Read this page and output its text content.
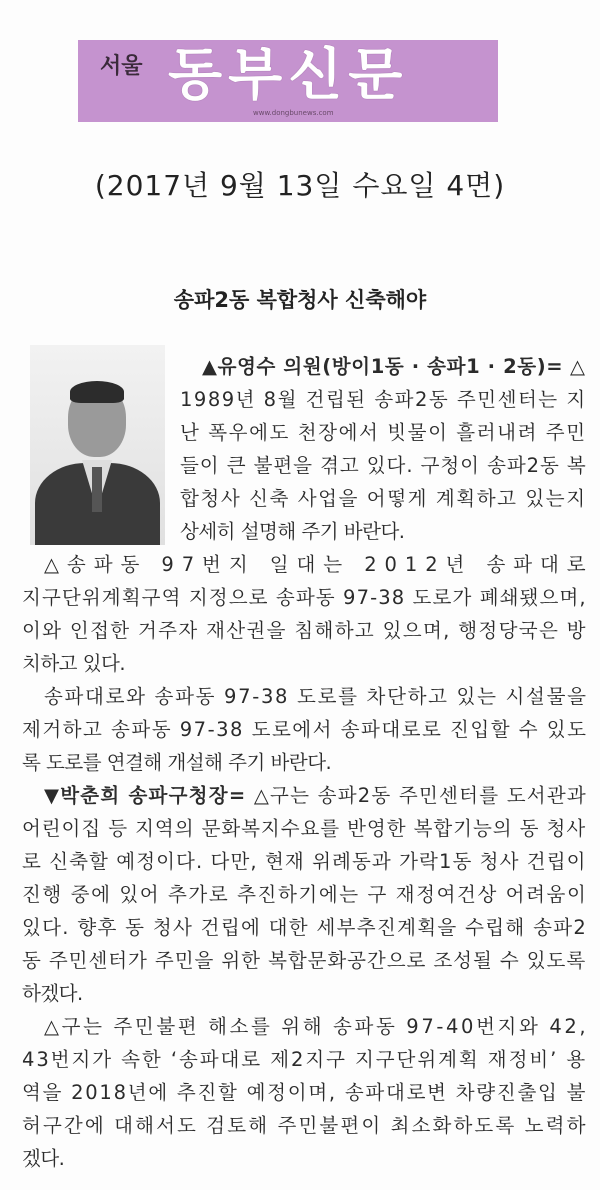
서울 동부신문
www.dongbunews.com
(2017년 9월 13일 수요일 4면)
송파2동 복합청사 신축해야
▲유영수 의원(방이1동 · 송파1 · 2동)= △
1989년 8월 건립된 송파2동 주민센터는 지
난 폭우에도 천장에서 빗물이 흘러내려 주민
들이 큰 불편을 겪고 있다. 구청이 송파2동 복
합청사 신축 사업을 어떻게 계획하고 있는지
상세히 설명해 주기 바란다.
△송파동 97번지 일대는 2012년 송파대로
지구단위계획구역 지정으로 송파동 97-38 도로가 폐쇄됐으며,
이와 인접한 거주자 재산권을 침해하고 있으며, 행정당국은 방
치하고 있다.
송파대로와 송파동 97-38 도로를 차단하고 있는 시설물을
제거하고 송파동 97-38 도로에서 송파대로로 진입할 수 있도
록 도로를 연결해 개설해 주기 바란다.
▼박춘희 송파구청장= △구는 송파2동 주민센터를 도서관과
어린이집 등 지역의 문화복지수요를 반영한 복합기능의 동 청사
로 신축할 예정이다. 다만, 현재 위례동과 가락1동 청사 건립이
진행 중에 있어 추가로 추진하기에는 구 재정여건상 어려움이
있다. 향후 동 청사 건립에 대한 세부추진계획을 수립해 송파2
동 주민센터가 주민을 위한 복합문화공간으로 조성될 수 있도록
하겠다.
△구는 주민불편 해소를 위해 송파동 97-40번지와 42,
43번지가 속한 ‘송파대로 제2지구 지구단위계획 재정비’ 용
역을 2018년에 추진할 예정이며, 송파대로변 차량진출입 불
허구간에 대해서도 검토해 주민불편이 최소화하도록 노력하
겠다.
